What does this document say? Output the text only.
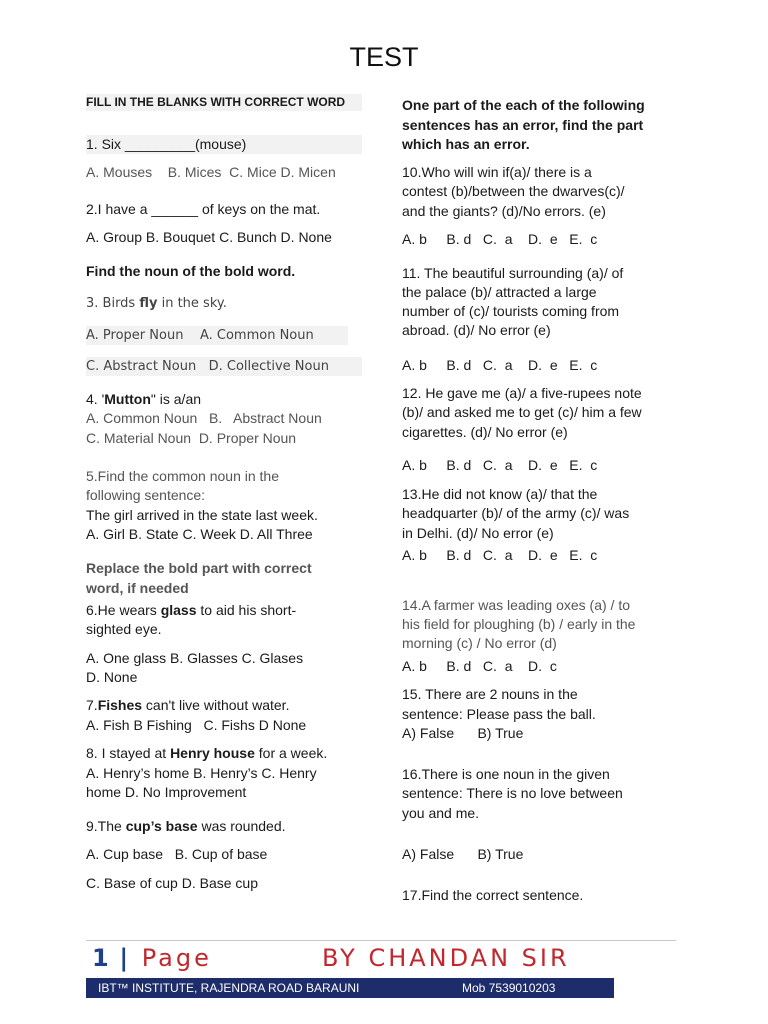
TEST
FILL IN THE BLANKS WITH CORRECT WORD
1. Six _________(mouse)
A. Mouses    B. Mices  C. Mice D. Micen
2.I have a ______ of keys on the mat.
A. Group B. Bouquet C. Bunch D. None
Find the noun of the bold word.
3. Birds fly in the sky.
A. Proper Noun    A. Common Noun
C. Abstract Noun   D. Collective Noun
4. 'Mutton" is a/an
A. Common Noun   B.   Abstract Noun
C. Material Noun  D. Proper Noun
5.Find the common noun in the
following sentence:
The girl arrived in the state last week.
A. Girl B. State C. Week D. All Three
Replace the bold part with correct
word, if needed
6.He wears glass to aid his short-
sighted eye.
A. One glass B. Glasses C. Glases
D. None
7.Fishes can't live without water.
A. Fish B Fishing   C. Fishs D None
8. I stayed at Henry house for a week.
A. Henry’s home B. Henry’s C. Henry
home D. No Improvement
9.The cup’s base was rounded.
A. Cup base   B. Cup of base
C. Base of cup D. Base cup
One part of the each of the following
sentences has an error, find the part
which has an error.
10.Who will win if(a)/ there is a
contest (b)/between the dwarves(c)/
and the giants? (d)/No errors. (e)
A. b     B. d   C.  a    D.  e   E.  c
11. The beautiful surrounding (a)/ of
the palace (b)/ attracted a large
number of (c)/ tourists coming from
abroad. (d)/ No error (e)
A. b     B. d   C.  a    D.  e   E.  c
12. He gave me (a)/ a five-rupees note
(b)/ and asked me to get (c)/ him a few
cigarettes. (d)/ No error (e)
A. b     B. d   C.  a    D.  e   E.  c
13.He did not know (a)/ that the
headquarter (b)/ of the army (c)/ was
in Delhi. (d)/ No error (e)
A. b     B. d   C.  a    D.  e   E.  c
14.A farmer was leading oxes (a) / to
his field for ploughing (b) / early in the
morning (c) / No error (d)
A. b     B. d   C.  a    D.  c
15. There are 2 nouns in the
sentence: Please pass the ball.
A) False      B) True
16.There is one noun in the given
sentence: There is no love between
you and me.
A) False      B) True
17.Find the correct sentence.
1 | Page	BY CHANDAN SIR
IBT™ INSTITUTE, RAJENDRA ROAD BARAUNI	Mob 7539010203
